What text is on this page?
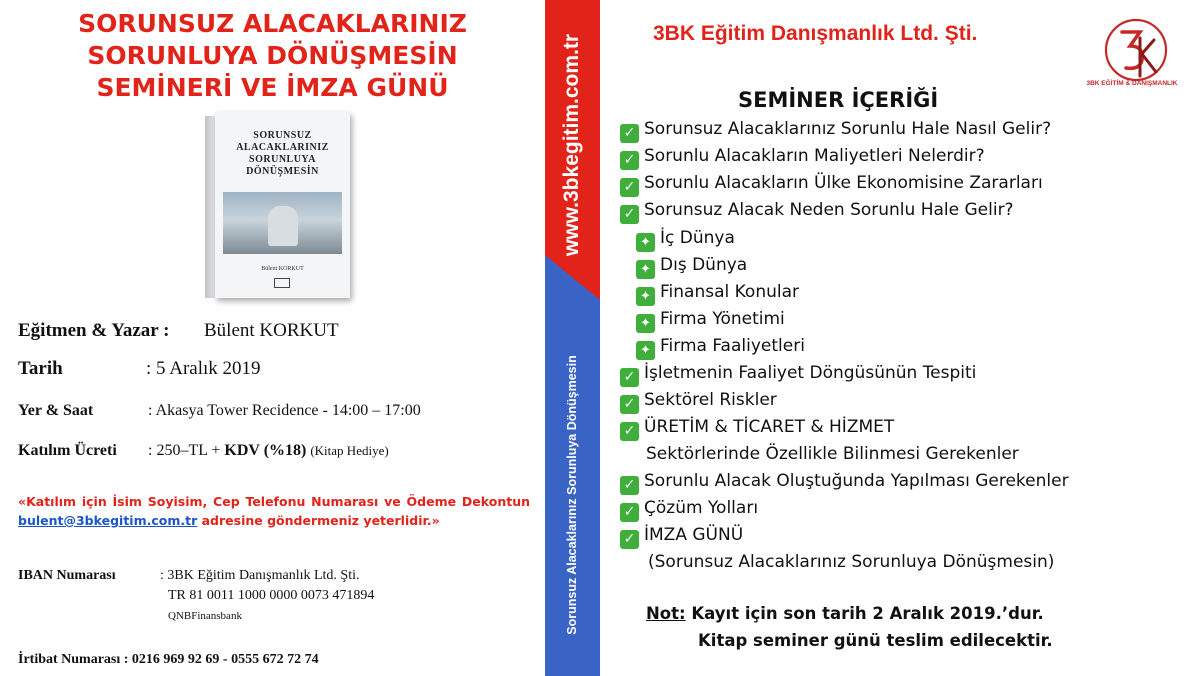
SORUNSUZ ALACAKLARINIZ
SORUNLUYA DÖNÜŞMESİN
SEMİNERİ VE İMZA GÜNÜ
SORUNSUZ
ALACAKLARINIZ
SORUNLUYA
DÖNÜŞMESİN
Bülent KORKUT
Eğitmen & Yazar : Bülent KORKUT
Tarih	: 5 Aralık 2019
Yer & Saat	: Akasya Tower Recidence - 14:00 – 17:00
Katılım Ücreti : 250–TL + KDV (%18) (Kitap Hediye)
«Katılım için İsim Soyisim, Cep Telefonu Numarası ve Ödeme Dekontun bulent@3bkegitim.com.tr adresine göndermeniz yeterlidir.»
IBAN Numarası	: 3BK Eğitim Danışmanlık Ltd. Şti.
TR 81 0011 1000 0000 0073 471894
QNBFinansbank
İrtibat Numarası : 0216 969 92 69 - 0555 672 72 74
www.3bkegitim.com.tr
Sorunsuz Alacaklarınız Sorunluya Dönüşmesin
3BK Eğitim Danışmanlık Ltd. Şti.
3BK EĞİTİM & DANIŞMANLIK
SEMİNER İÇERİĞİ
✓ Sorunsuz Alacaklarınız Sorunlu Hale Nasıl Gelir?
✓ Sorunlu Alacakların Maliyetleri Nelerdir?
✓ Sorunlu Alacakların Ülke Ekonomisine Zararları
✓ Sorunsuz Alacak Neden Sorunlu Hale Gelir?
✦ İç Dünya
✦ Dış Dünya
✦ Finansal Konular
✦ Firma Yönetimi
✦ Firma Faaliyetleri
✓ İşletmenin Faaliyet Döngüsünün Tespiti
✓ Sektörel Riskler
✓ ÜRETİM & TİCARET & HİZMET
Sektörlerinde Özellikle Bilinmesi Gerekenler
✓ Sorunlu Alacak Oluştuğunda Yapılması Gerekenler
✓ Çözüm Yolları
✓ İMZA GÜNÜ
(Sorunsuz Alacaklarınız Sorunluya Dönüşmesin)
Not: Kayıt için son tarih 2 Aralık 2019.’dur.
Kitap seminer günü teslim edilecektir.
